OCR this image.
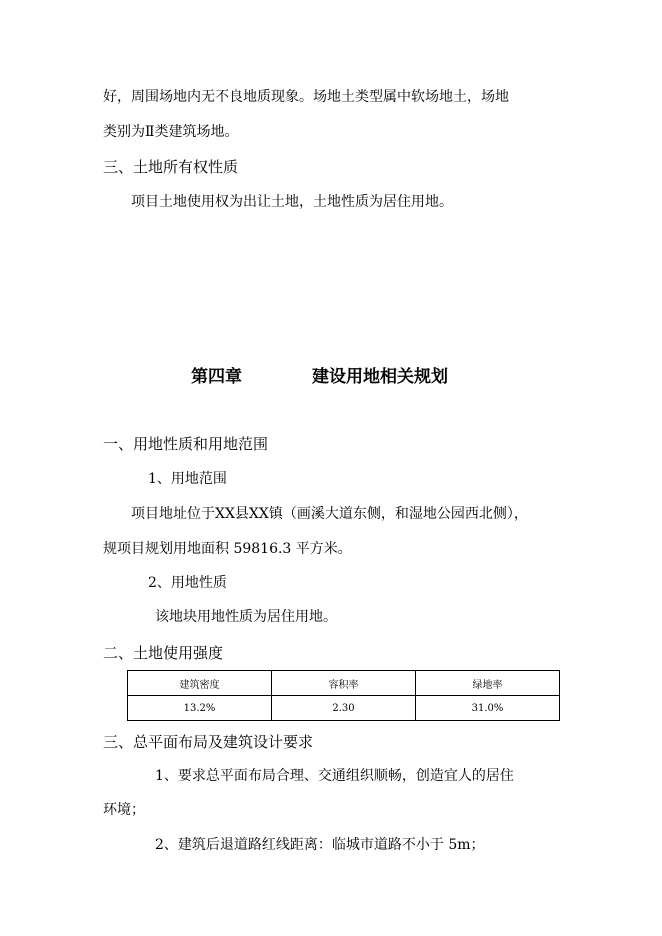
好，周围场地内无不良地质现象。场地土类型属中软场地土，场地
类别为Ⅱ类建筑场地。
三、土地所有权性质
项目土地使用权为出让土地，土地性质为居住用地。
第四章	建设用地相关规划
一、用地性质和用地范围
1、用地范围
项目地址位于XX县XX镇（画溪大道东侧，和湿地公园西北侧），
规项目规划用地面积 59816.3 平方米。
2、用地性质
该地块用地性质为居住用地。
二、土地使用强度
建筑密度	容积率	绿地率
13.2%	2.30	31.0%
三、总平面布局及建筑设计要求
1、要求总平面布局合理、交通组织顺畅，创造宜人的居住
环境；
2、建筑后退道路红线距离：临城市道路不小于 5m；
